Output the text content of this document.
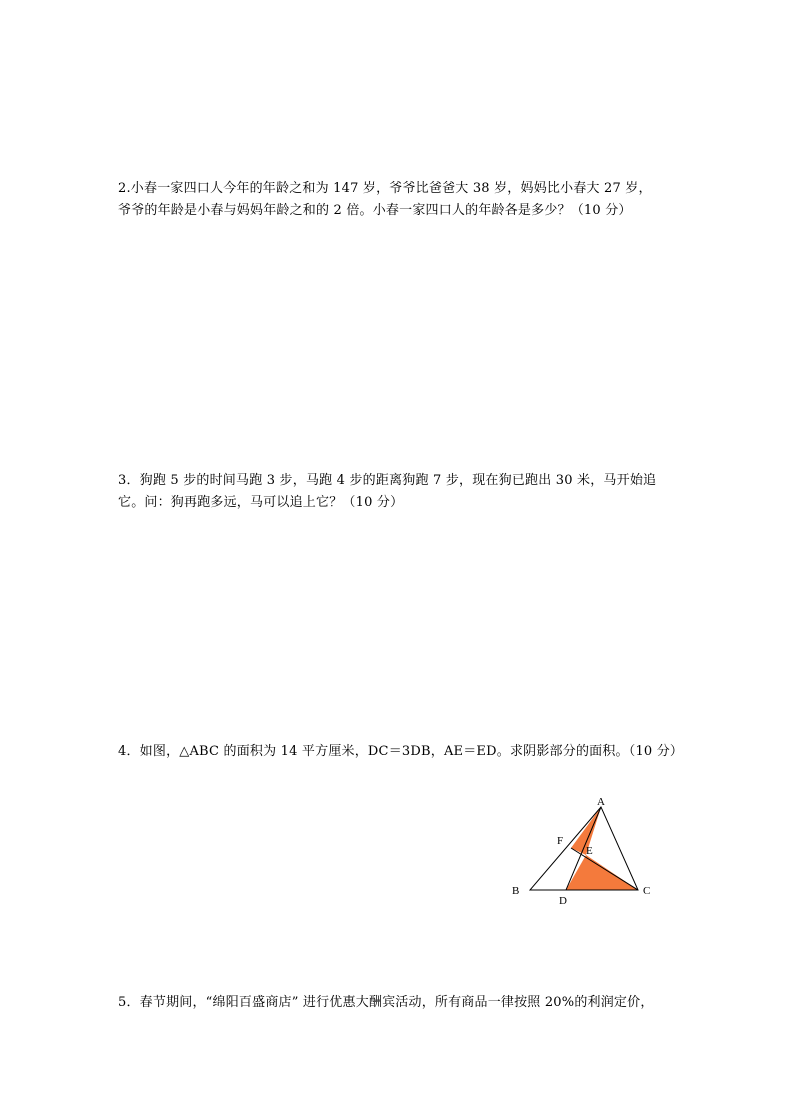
2.小春一家四口人今年的年龄之和为 147 岁，爷爷比爸爸大 38 岁，妈妈比小春大 27 岁，
爷爷的年龄是小春与妈妈年龄之和的 2 倍。小春一家四口人的年龄各是多少？（10 分）
3．狗跑 5 步的时间马跑 3 步，马跑 4 步的距离狗跑 7 步，现在狗已跑出 30 米，马开始追
它。问：狗再跑多远，马可以追上它？（10 分）
4．如图，△ABC 的面积为 14 平方厘米，DC＝3DB，AE＝ED。求阴影部分的面积。（10 分）
A
B	C
D
E
F
5．春节期间，“绵阳百盛商店” 进行优惠大酬宾活动，所有商品一律按照 20%的利润定价，
